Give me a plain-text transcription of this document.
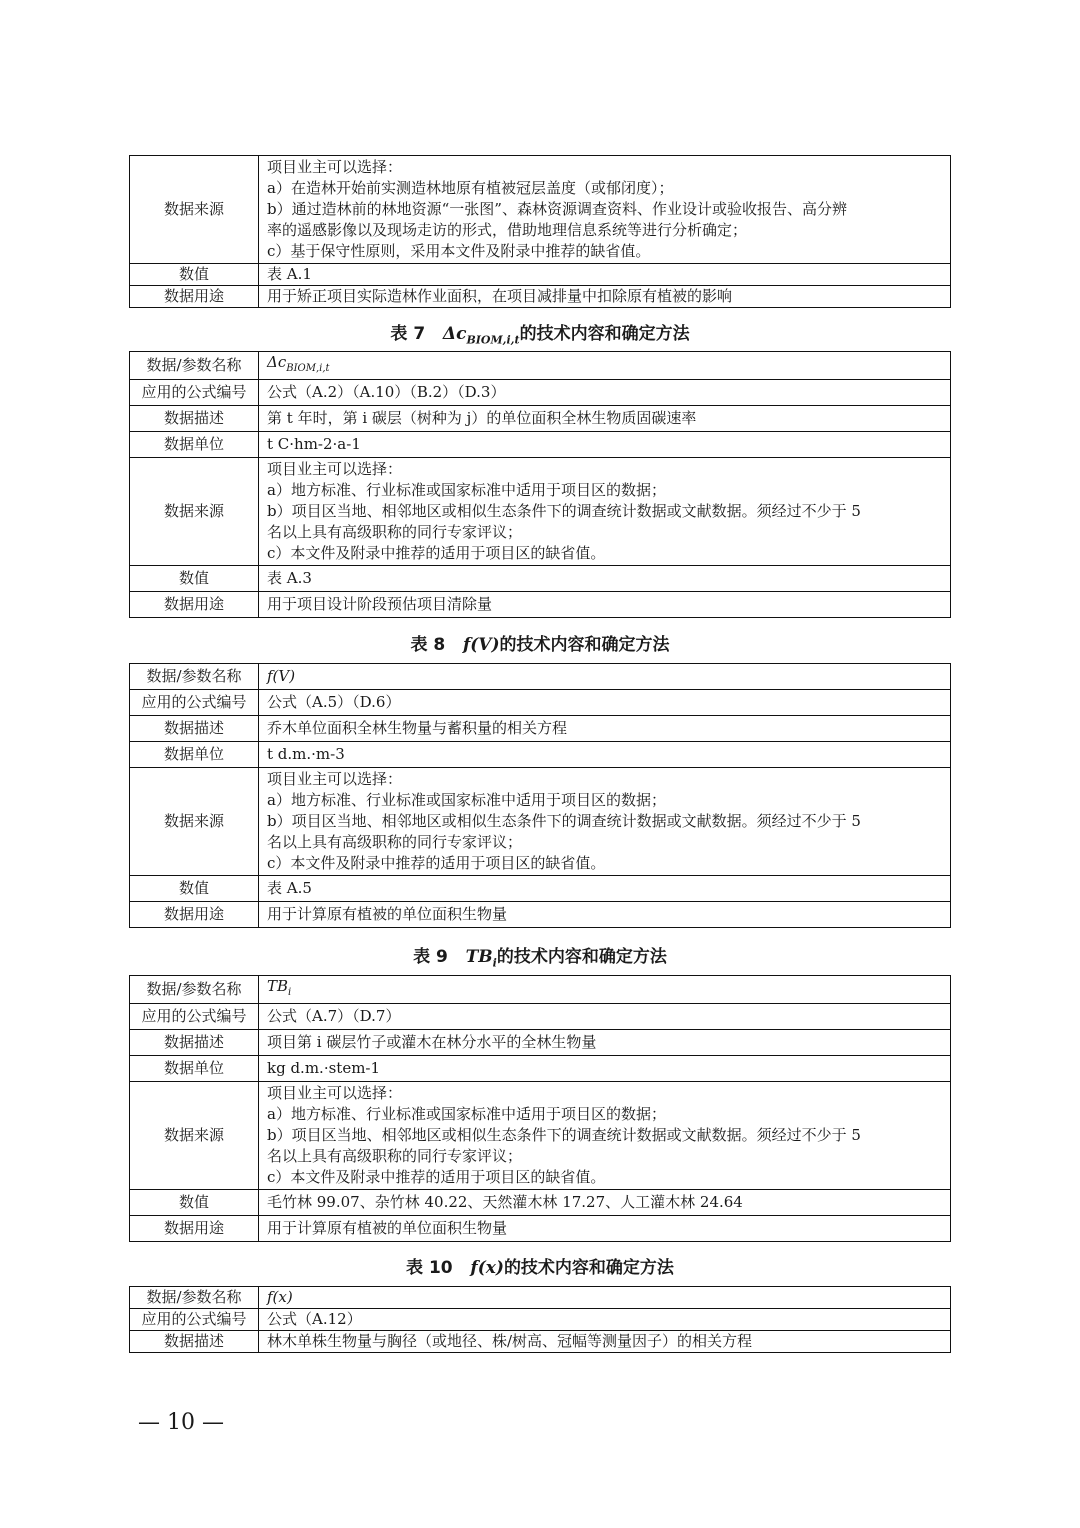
数据来源	项目业主可以选择：
a）在造林开始前实测造林地原有植被冠层盖度（或郁闭度）；
b）通过造林前的林地资源“一张图”、森林资源调查资料、作业设计或验收报告、高分辨
率的遥感影像以及现场走访的形式，借助地理信息系统等进行分析确定；
c）基于保守性原则，采用本文件及附录中推荐的缺省值。

数值	表 A.1
数据用途	用于矫正项目实际造林作业面积，在项目减排量中扣除原有植被的影响
表 7 $\Delta c_{BIOM,i,t}$的技术内容和确定方法
数据/参数名称	$\Delta c_{BIOM,i,t}$
应用的公式编号	公式（A.2）（A.10）（B.2）（D.3）
数据描述	第 t 年时，第 i 碳层（树种为 j）的单位面积全林生物质固碳速率
数据单位	t C·hm-2·a-1
数据来源	项目业主可以选择：
a）地方标准、行业标准或国家标准中适用于项目区的数据；
b）项目区当地、相邻地区或相似生态条件下的调查统计数据或文献数据。须经过不少于 5
名以上具有高级职称的同行专家评议；
c）本文件及附录中推荐的适用于项目区的缺省值。

数值	表 A.3
数据用途	用于项目设计阶段预估项目清除量
表 8 f(V)的技术内容和确定方法
数据/参数名称	f(V)
应用的公式编号	公式（A.5）（D.6）
数据描述	乔木单位面积全林生物量与蓄积量的相关方程
数据单位	t d.m.·m-3
数据来源	项目业主可以选择：
a）地方标准、行业标准或国家标准中适用于项目区的数据；
b）项目区当地、相邻地区或相似生态条件下的调查统计数据或文献数据。须经过不少于 5
名以上具有高级职称的同行专家评议；
c）本文件及附录中推荐的适用于项目区的缺省值。

数值	表 A.5
数据用途	用于计算原有植被的单位面积生物量
表 9 $TB_i$的技术内容和确定方法
数据/参数名称	$TB_i$
应用的公式编号	公式（A.7）（D.7）
数据描述	项目第 i 碳层竹子或灌木在林分水平的全林生物量
数据单位	kg d.m.·stem-1
数据来源	项目业主可以选择：
a）地方标准、行业标准或国家标准中适用于项目区的数据；
b）项目区当地、相邻地区或相似生态条件下的调查统计数据或文献数据。须经过不少于 5
名以上具有高级职称的同行专家评议；
c）本文件及附录中推荐的适用于项目区的缺省值。

数值	毛竹林 99.07、杂竹林 40.22、天然灌木林 17.27、人工灌木林 24.64
数据用途	用于计算原有植被的单位面积生物量
表 10 f(x)的技术内容和确定方法
数据/参数名称	f(x)
应用的公式编号	公式（A.12）
数据描述	林木单株生物量与胸径（或地径、株/树高、冠幅等测量因子）的相关方程
— 10 —
